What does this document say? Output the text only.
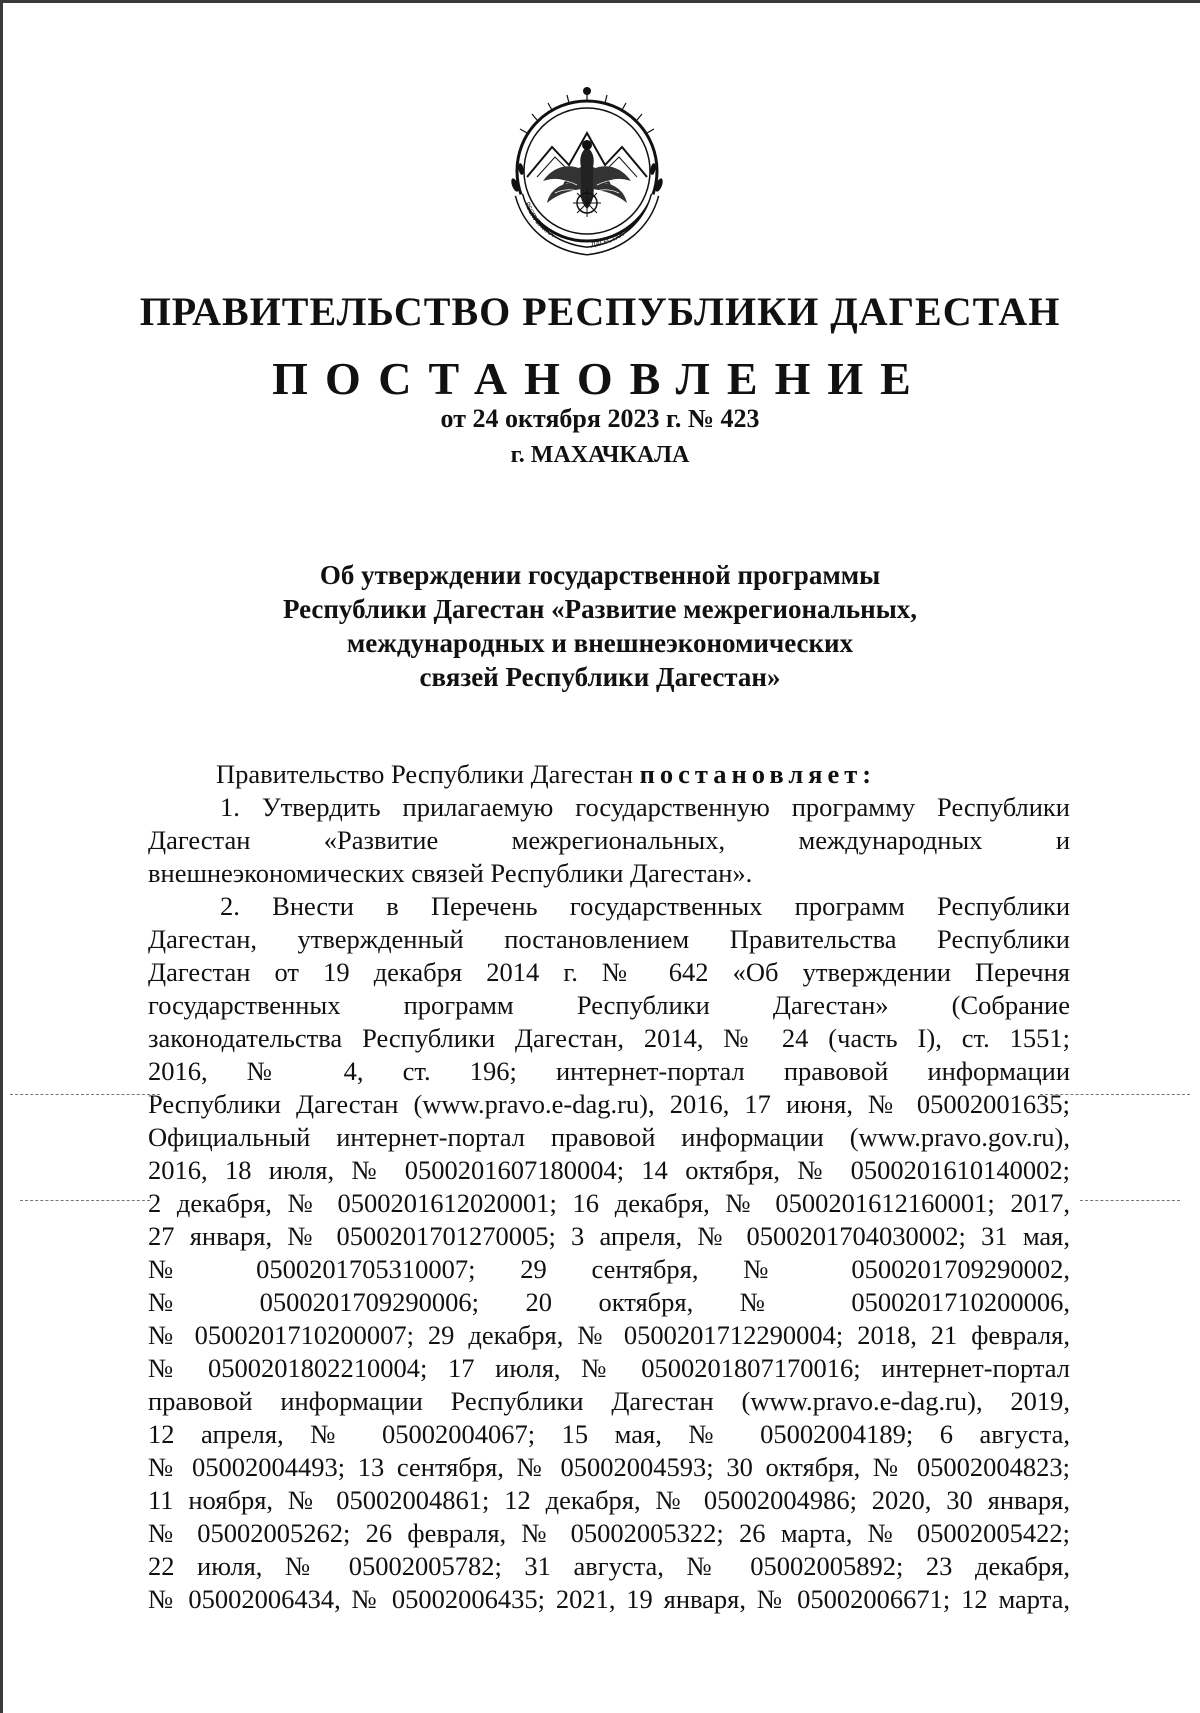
РЕСПУБЛИКА
ДАГЕСТАН
ПРАВИТЕЛЬСТВО РЕСПУБЛИКИ ДАГЕСТАН
ПОСТАНОВЛЕНИЕ
от 24 октября 2023 г. № 423
г. МАХАЧКАЛА
Об утверждении государственной программы
Республики Дагестан «Развитие межрегиональных,
международных и внешнеэкономических
связей Республики Дагестан»
Правительство Республики Дагестан постановляет:
1. Утвердить прилагаемую государственную программу Республики
Дагестан «Развитие межрегиональных, международных и
внешнеэкономических связей Республики Дагестан».
2. Внести в Перечень государственных программ Республики
Дагестан, утвержденный постановлением Правительства Республики
Дагестан от 19 декабря 2014 г. № 642 «Об утверждении Перечня
государственных программ Республики Дагестан» (Собрание
законодательства Республики Дагестан, 2014, № 24 (часть I), ст. 1551;
2016, № 4, ст. 196; интернет-портал правовой информации
Республики Дагестан (www.pravo.e-dag.ru), 2016, 17 июня, № 05002001635;
Официальный интернет-портал правовой информации (www.pravo.gov.ru),
2016, 18 июля, № 0500201607180004; 14 октября, № 0500201610140002;
2 декабря, № 0500201612020001; 16 декабря, № 0500201612160001; 2017,
27 января, № 0500201701270005; 3 апреля, № 0500201704030002; 31 мая,
№ 0500201705310007; 29 сентября, № 0500201709290002,
№ 0500201709290006; 20 октября, № 0500201710200006,
№ 0500201710200007; 29 декабря, № 0500201712290004; 2018, 21 февраля,
№ 0500201802210004; 17 июля, № 0500201807170016; интернет-портал
правовой информации Республики Дагестан (www.pravo.e-dag.ru), 2019,
12 апреля, № 05002004067; 15 мая, № 05002004189; 6 августа,
№ 05002004493; 13 сентября, № 05002004593; 30 октября, № 05002004823;
11 ноября, № 05002004861; 12 декабря, № 05002004986; 2020, 30 января,
№ 05002005262; 26 февраля, № 05002005322; 26 марта, № 05002005422;
22 июля, № 05002005782; 31 августа, № 05002005892; 23 декабря,
№ 05002006434, № 05002006435; 2021, 19 января, № 05002006671; 12 марта,
